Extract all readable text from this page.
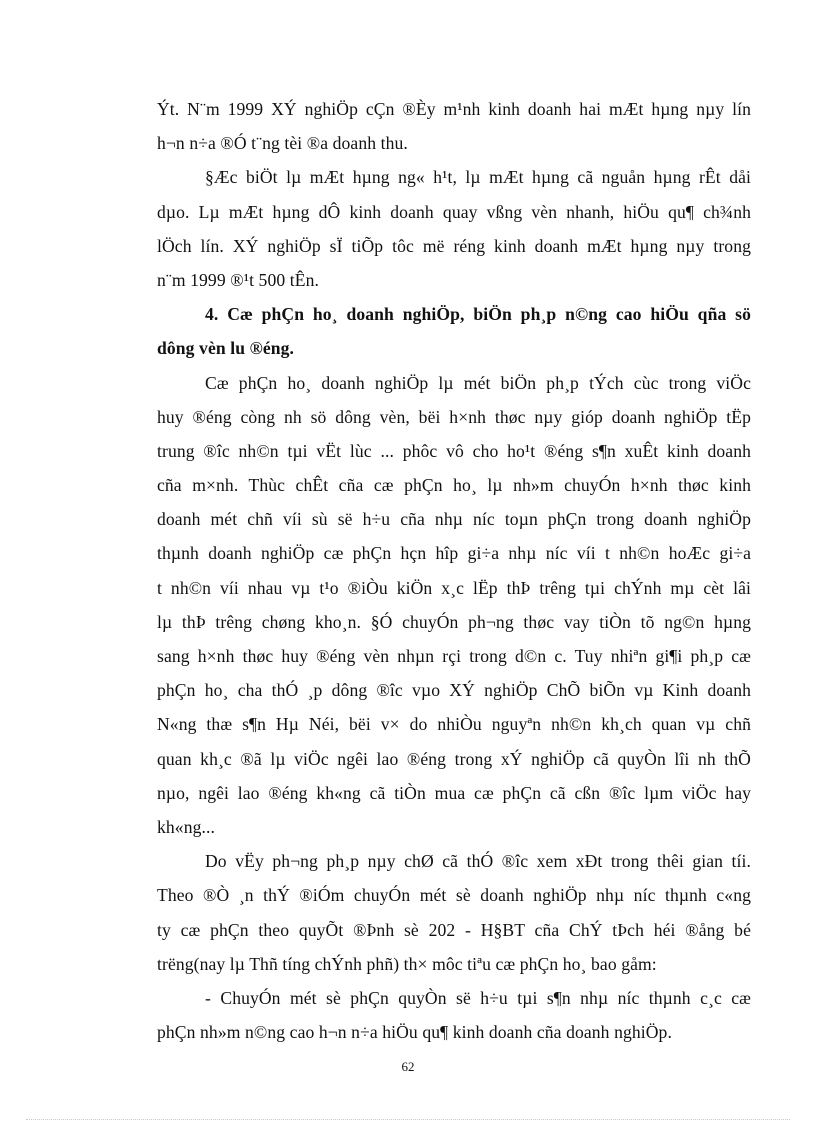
Ýt. N¨m 1999 XÝ nghiÖp cÇn ®Èy m¹nh kinh doanh hai mÆt hµng nµy lín
h¬n n÷a ®Ó t¨ng tèi ®a doanh thu.
§Æc biÖt lµ mÆt hµng ng« h¹t, lµ mÆt hµng cã nguån hµng rÊt dåi
dµo. Lµ mÆt hµng dÔ kinh doanh quay vßng vèn nhanh, hiÖu qu¶ ch¾nh
lÖch lín. XÝ nghiÖp sÏ tiÕp tôc më réng kinh doanh mÆt hµng nµy trong
n¨m 1999 ®¹t 500 tÊn.
4. Cæ phÇn ho¸ doanh nghiÖp, biÖn ph¸p n©ng cao hiÖu qña sö
dông vèn lu ®éng.
Cæ phÇn ho¸ doanh nghiÖp lµ mét biÖn ph¸p tÝch cùc trong viÖc
huy ®éng còng nh sö dông vèn, bëi h×nh thøc nµy gióp doanh nghiÖp tËp
trung ®îc nh©n tµi vËt lùc ... phôc vô cho ho¹t ®éng s¶n xuÊt kinh doanh
cña m×nh. Thùc chÊt cña cæ phÇn ho¸ lµ nh»m chuyÓn h×nh thøc kinh
doanh mét chñ víi sù së h÷u cña nhµ níc toµn phÇn trong doanh nghiÖp
thµnh doanh nghiÖp cæ phÇn hçn hîp gi÷a nhµ níc víi t nh©n hoÆc gi÷a
t nh©n víi nhau vµ t¹o ®iÒu kiÖn x¸c lËp thÞ trêng tµi chÝnh mµ cèt lâi
lµ thÞ trêng chøng kho¸n. §Ó chuyÓn ph¬ng thøc vay tiÒn tõ ng©n hµng
sang h×nh thøc huy ®éng vèn nhµn rçi trong d©n c. Tuy nhiªn gi¶i ph¸p cæ
phÇn ho¸ cha thÓ ¸p dông ®îc vµo XÝ nghiÖp ChÕ biÕn vµ Kinh doanh
N«ng thæ s¶n Hµ Néi, bëi v× do nhiÒu nguyªn nh©n kh¸ch quan vµ chñ
quan kh¸c ®ã lµ viÖc ngêi lao ®éng trong xÝ nghiÖp cã quyÒn lîi nh thÕ
nµo, ngêi lao ®éng kh«ng cã tiÒn mua cæ phÇn cã cßn ®îc lµm viÖc hay
kh«ng...
Do vËy ph¬ng ph¸p nµy chØ cã thÓ ®îc xem xÐt trong thêi gian tíi.
Theo ®Ò ¸n thÝ ®iÓm chuyÓn mét sè doanh nghiÖp nhµ níc thµnh c«ng
ty cæ phÇn theo quyÕt ®Þnh sè 202 - H§BT cña ChÝ tÞch héi ®ång bé
trëng(nay lµ Thñ tíng chÝnh phñ) th× môc tiªu cæ phÇn ho¸ bao gåm:
- ChuyÓn mét sè phÇn quyÒn së h÷u tµi s¶n nhµ níc thµnh c¸c cæ
phÇn nh»m n©ng cao h¬n n÷a hiÖu qu¶ kinh doanh cña doanh nghiÖp.
62
